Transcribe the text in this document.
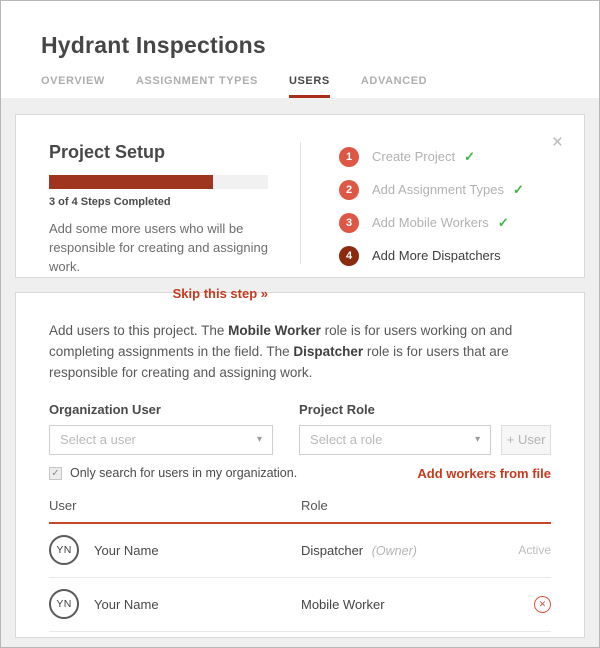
Hydrant Inspections
OVERVIEW	ASSIGNMENT TYPES	USERS	ADVANCED
Project Setup
3 of 4 Steps Completed
Add some more users who will be responsible for creating and assigning work.
Skip this step »
1	Create Project ✓
2	Add Assignment Types ✓
3	Add Mobile Workers ✓
4	Add More Dispatchers
×
Add users to this project. The Mobile Worker role is for users working on and completing assignments in the field. The Dispatcher role is for users that are responsible for creating and assigning work.
Organization User
Select a user	▾
Project Role
Select a role	▾	+ User
✓ Only search for users in my organization.	Add workers from file
User	Role
YN	Your Name	Dispatcher (Owner)	Active
YN	Your Name	Mobile Worker	✕
